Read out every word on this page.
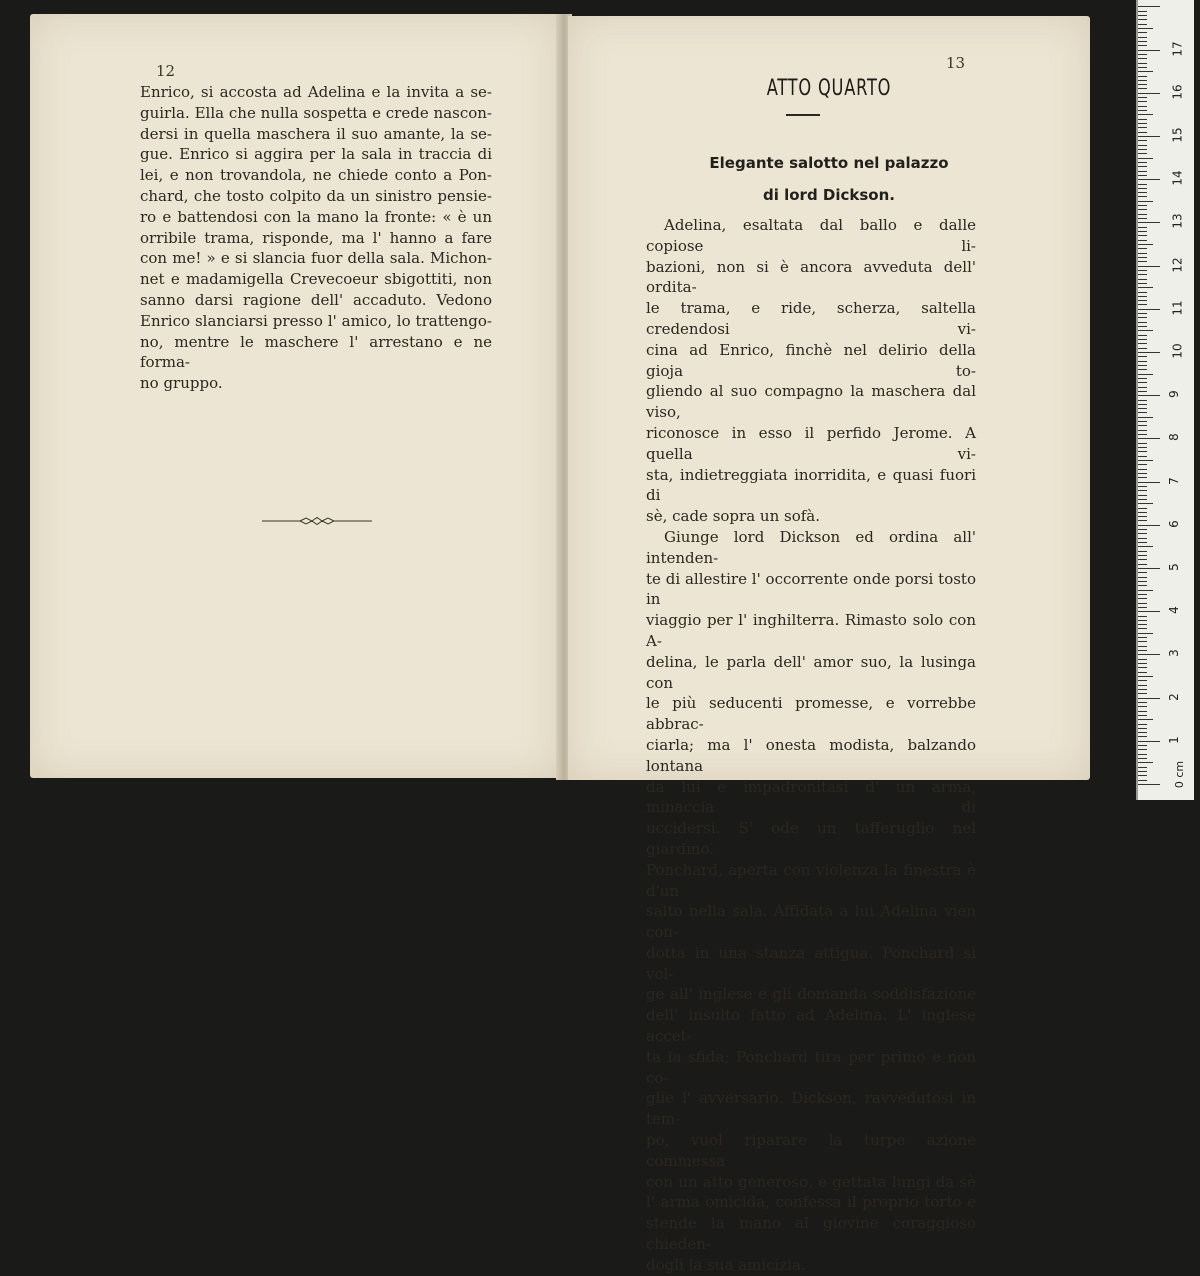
12

Enrico, si accosta ad Adelina e la invita a se-
guirla. Ella che nulla sospetta e crede nascon-
dersi in quella maschera il suo amante, la se-
gue. Enrico si aggira per la sala in traccia di
lei, e non trovandola, ne chiede conto a Pon-
chard, che tosto colpito da un sinistro pensie-
ro e battendosi con la mano la fronte: « è un
orribile trama, risponde, ma l' hanno a fare
con me! » e si slancia fuor della sala. Michon-
net e madamigella Crevecoeur sbigottiti, non
sanno darsi ragione dell' accaduto. Vedono
Enrico slanciarsi presso l' amico, lo trattengo-
no, mentre le maschere l' arrestano e ne forma-
no gruppo.

13
ATTO QUARTO
Elegante salotto nel palazzo
di lord Dickson.

Adelina, esaltata dal ballo e dalle copiose li-
bazioni, non si è ancora avveduta dell' ordita-
le trama, e ride, scherza, saltella credendosi vi-
cina ad Enrico, finchè nel delirio della gioja to-
gliendo al suo compagno la maschera dal viso,
riconosce in esso il perfido Jerome. A quella vi-
sta, indietreggiata inorridita, e quasi fuori di
sè, cade sopra un sofà.

Giunge lord Dickson ed ordina all' intenden-
te di allestire l' occorrente onde porsi tosto in
viaggio per l' inghilterra. Rimasto solo con A-
delina, le parla dell' amor suo, la lusinga con
le più seducenti promesse, e vorrebbe abbrac-
ciarla; ma l' onesta modista, balzando lontana
da lui e impadronitasi d' un arma, minaccia di
uccidersi. S' ode un tafferuglio nel giardino.
Ponchard, aperta con violenza la finestra è d'un
salto nella sala. Affidata a lui Adelina vien con-
dotta in una stanza attigua. Ponchard si vol-
ge all' inglese e gli domanda soddisfazione
dell' insulto fatto ad Adelina. L' inglese accet-
ta la sfida; Ponchard tira per primo e non co-
glie l' avversario. Dickson, ravvedutosi in tem-
po, vuol riparare la turpe azione commessa
con un atto generoso, e gettata lungi da sè
l' arma omicida, confessa il proprio torto e
stende la mano al giovine coraggioso chieden-
dogli la sua amicizia.

17
16
15
14
13
12
11
10
9
8
7
6
5
4
3
2
1
0 cm
